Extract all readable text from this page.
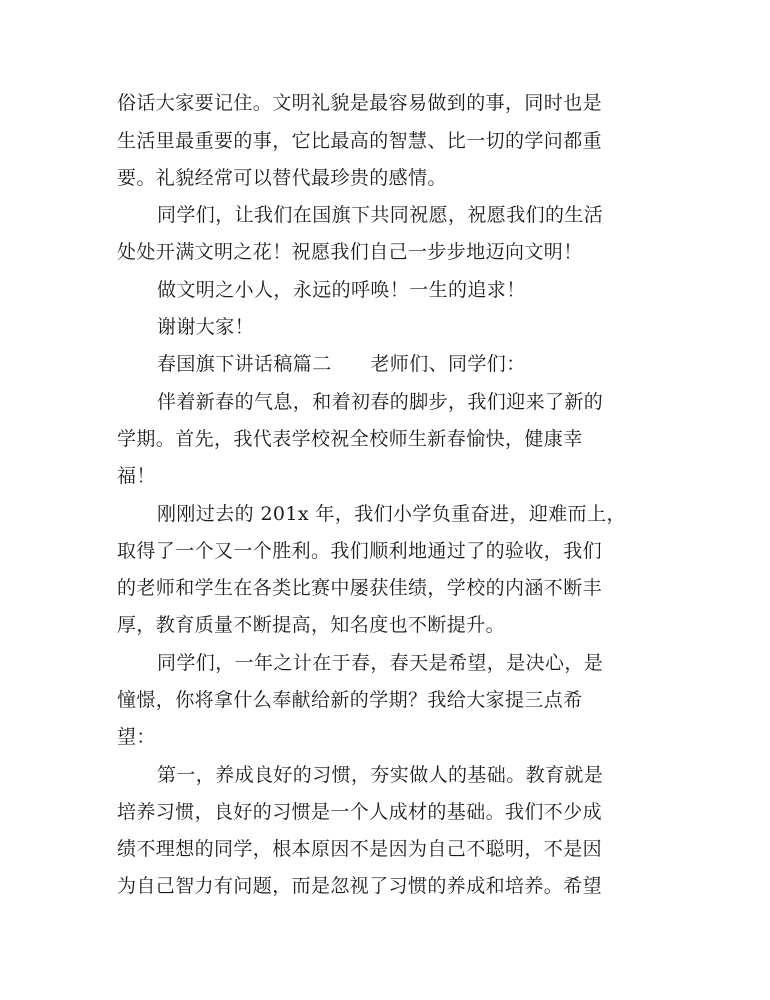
俗话大家要记住。文明礼貌是最容易做到的事，同时也是
生活里最重要的事，它比最高的智慧、比一切的学问都重
要。礼貌经常可以替代最珍贵的感情。
同学们，让我们在国旗下共同祝愿，祝愿我们的生活
处处开满文明之花！祝愿我们自己一步步地迈向文明！
做文明之小人，永远的呼唤！一生的追求！
谢谢大家！
春国旗下讲话稿篇二　　老师们、同学们：
伴着新春的气息，和着初春的脚步，我们迎来了新的
学期。首先，我代表学校祝全校师生新春愉快，健康幸
福！
刚刚过去的 201x 年，我们小学负重奋进，迎难而上，
取得了一个又一个胜利。我们顺利地通过了的验收，我们
的老师和学生在各类比赛中屡获佳绩，学校的内涵不断丰
厚，教育质量不断提高，知名度也不断提升。
同学们，一年之计在于春，春天是希望，是决心，是
憧憬，你将拿什么奉献给新的学期？我给大家提三点希
望：
第一，养成良好的习惯，夯实做人的基础。教育就是
培养习惯，良好的习惯是一个人成材的基础。我们不少成
绩不理想的同学，根本原因不是因为自己不聪明，不是因
为自己智力有问题，而是忽视了习惯的养成和培养。希望
